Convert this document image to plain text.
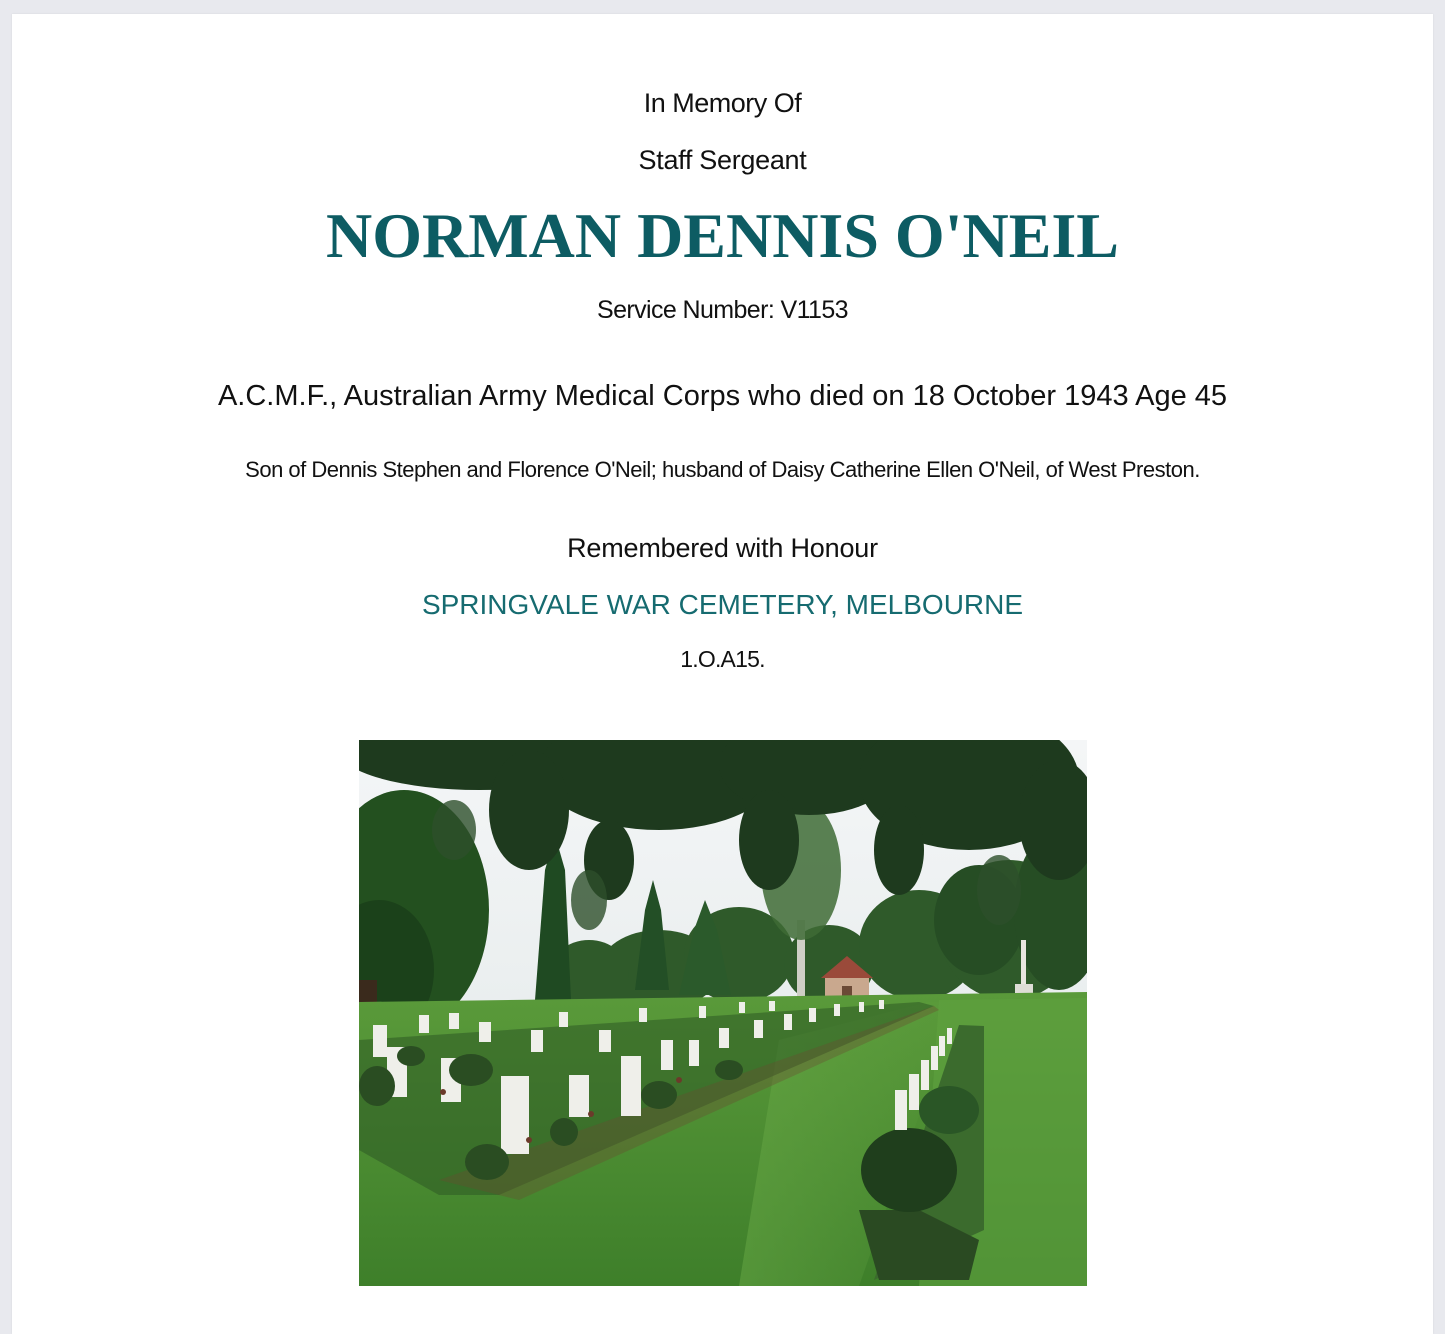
In Memory Of

Staff Sergeant

NORMAN DENNIS O'NEIL

Service Number: V1153

A.C.M.F., Australian Army Medical Corps who died on 18 October 1943 Age 45

Son of Dennis Stephen and Florence O'Neil; husband of Daisy Catherine Ellen O'Neil, of West Preston.

Remembered with Honour

SPRINGVALE WAR CEMETERY, MELBOURNE

1.O.A15.
